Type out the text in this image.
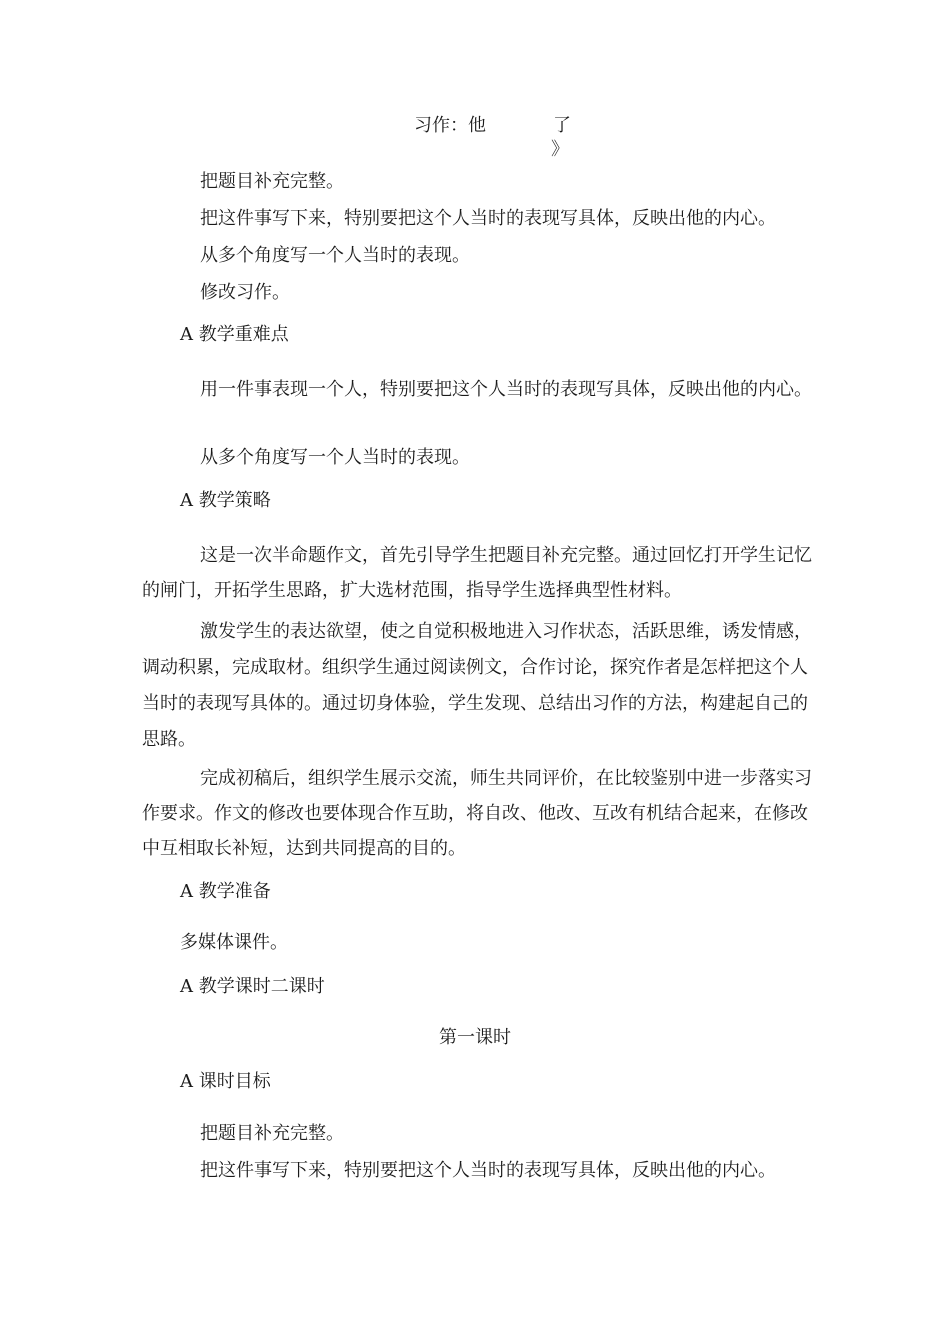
习作：他	了
》

把题目补充完整。

把这件事写下来，特别要把这个人当时的表现写具体，反映出他的内心。

从多个角度写一个人当时的表现。

修改习作。

A 教学重难点

用一件事表现一个人，特别要把这个人当时的表现写具体，反映出他的内心。

从多个角度写一个人当时的表现。

A 教学策略

这是一次半命题作文，首先引导学生把题目补充完整。通过回忆打开学生记忆的闸门，开拓学生思路，扩大选材范围，指导学生选择典型性材料。

激发学生的表达欲望，使之自觉积极地进入习作状态，活跃思维，诱发情感，调动积累，完成取材。组织学生通过阅读例文，合作讨论，探究作者是怎样把这个人当时的表现写具体的。通过切身体验，学生发现、总结出习作的方法，构建起自己的思路。

完成初稿后，组织学生展示交流，师生共同评价，在比较鉴别中进一步落实习作要求。作文的修改也要体现合作互助，将自改、他改、互改有机结合起来，在修改中互相取长补短，达到共同提高的目的。

A 教学准备

多媒体课件。

A 教学课时二课时

第一课时

A 课时目标

把题目补充完整。

把这件事写下来，特别要把这个人当时的表现写具体，反映出他的内心。
